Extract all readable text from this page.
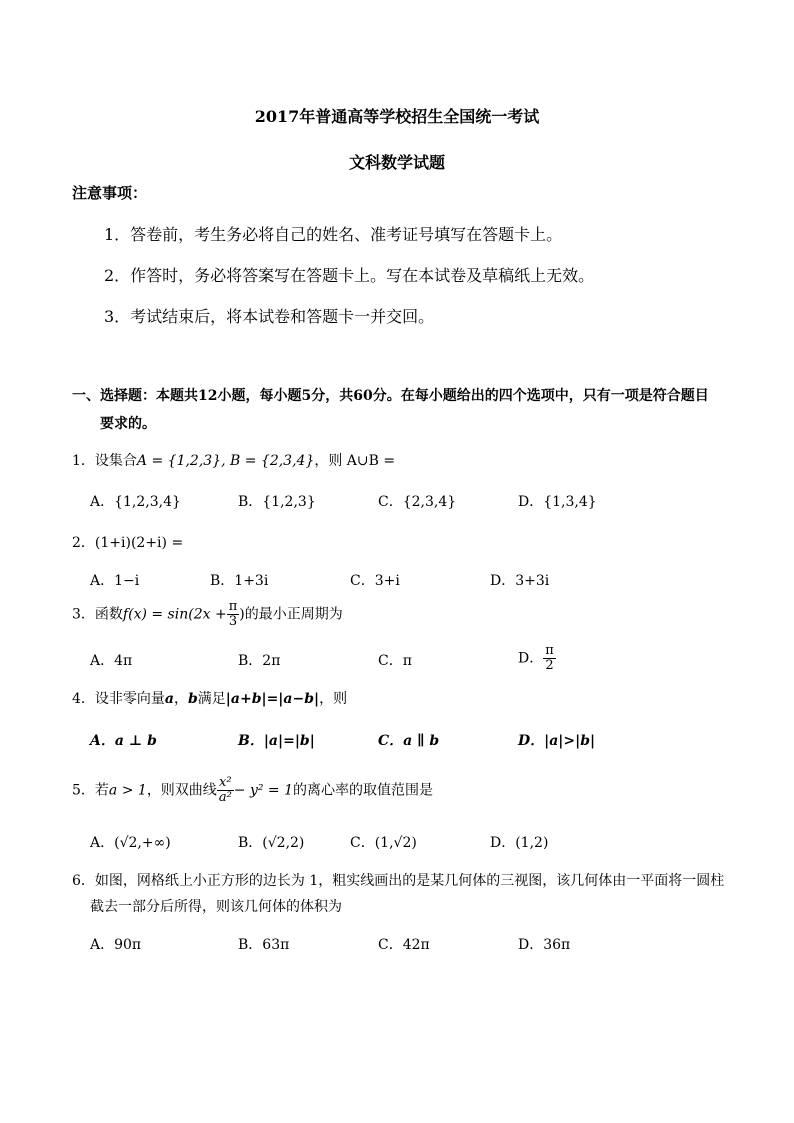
2017年普通高等学校招生全国统一考试
文科数学试题
注意事项：
1．答卷前，考生务必将自己的姓名、准考证号填写在答题卡上。
2．作答时，务必将答案写在答题卡上。写在本试卷及草稿纸上无效。
3．考试结束后，将本试卷和答题卡一并交回。
一、选择题：本题共12小题，每小题5分，共60分。在每小题给出的四个选项中，只有一项是符合题目
要求的。
1．设集合A = {1,2,3}, B = {2,3,4}，则 A∪B =
A．{1,2,3,4}	B．{1,2,3}	C．{2,3,4}	D．{1,3,4}
2．(1+i)(2+i) =
A．1−i	B．1+3i	C．3+i	D．3+3i
3．函数$f(x) = \sin(2x + \frac{\pi}{3}$ )的最小正周期为
A．4π	B．2π	C．π	D． $\frac{\pi}{2}$
4．设非零向量a，b满足|a+b|=|a−b|，则
A．a ⊥ b	B．|a|=|b|	C．a ∥ b	D．|a|>|b|
5．若a > 1，则双曲线 $\frac{\text{x²}}{\text{a²}} - y^2 = 1$的离心率的取值范围是
A．(√2,+∞)	B．(√2,2)	C．(1,√2)	D．(1,2)
6．如图，网格纸上小正方形的边长为 1，粗实线画出的是某几何体的三视图，该几何体由一平面将一圆柱
截去一部分后所得，则该几何体的体积为
A．90π	B．63π	C．42π	D．36π
